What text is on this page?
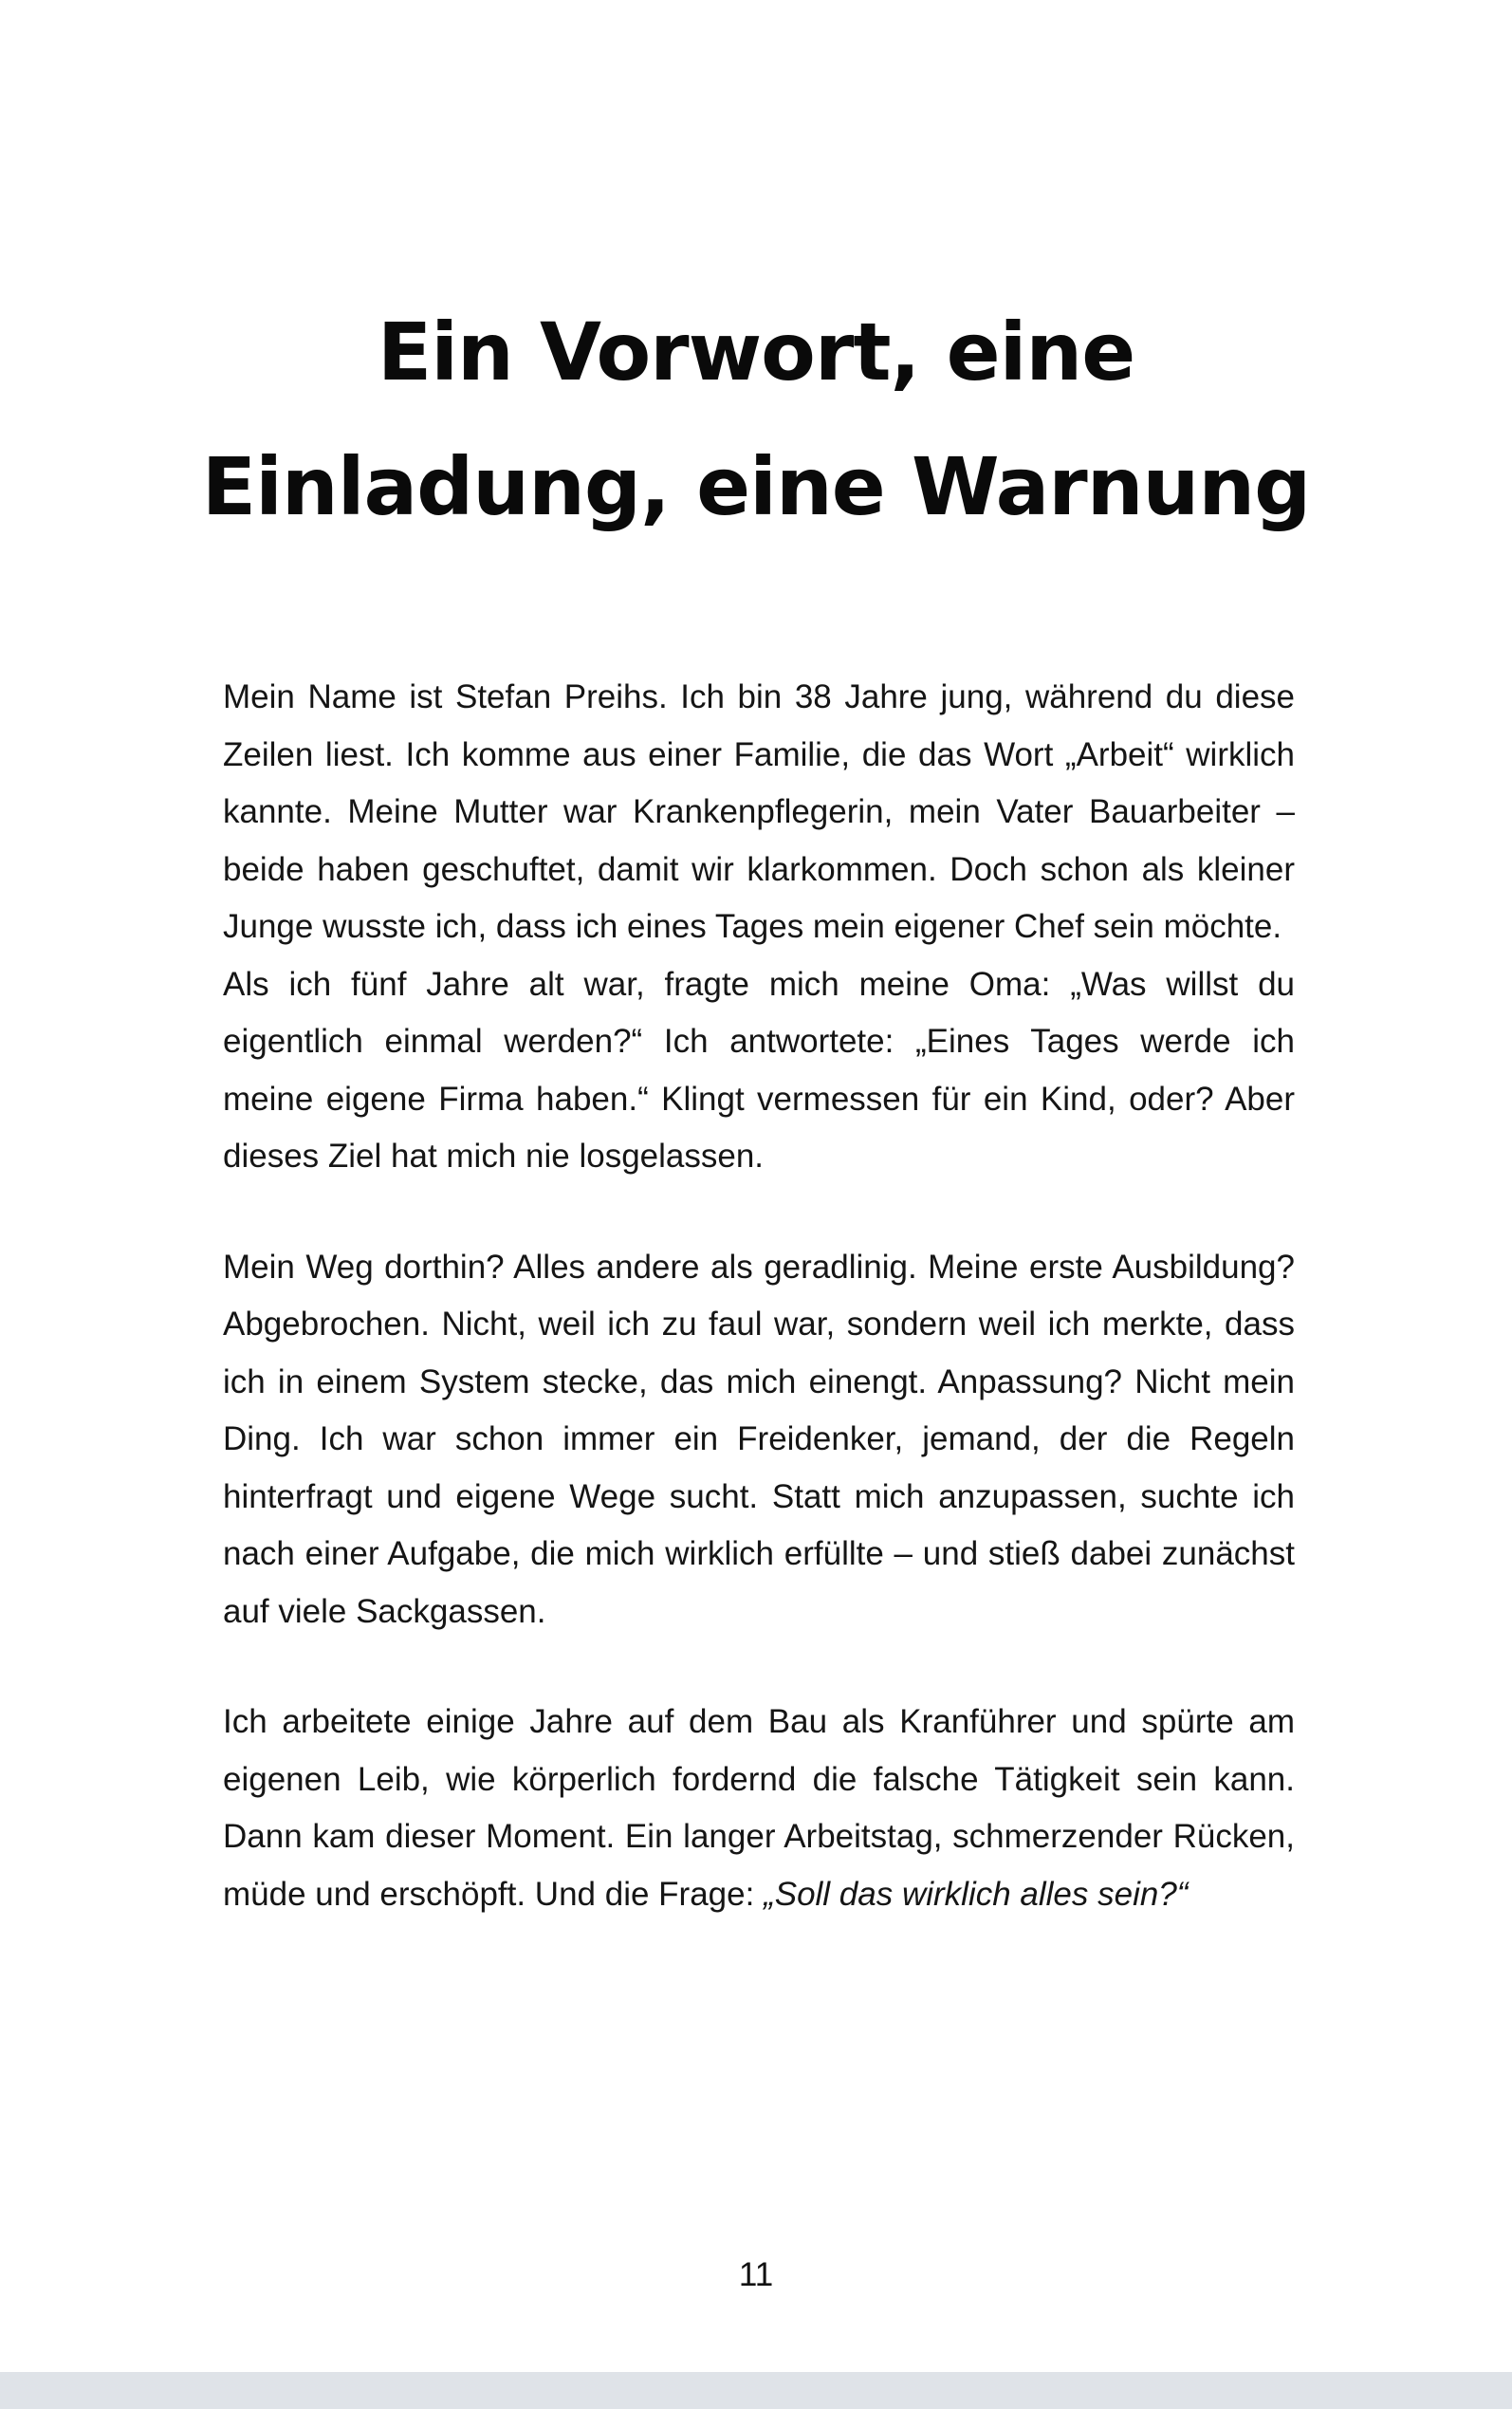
Ein Vorwort, eine
Einladung, eine Warnung

Mein Name ist Stefan Preihs. Ich bin 38 Jahre jung, während du diese Zeilen liest. Ich komme aus einer Familie, die das Wort „Arbeit“ wirklich kannte. Meine Mutter war Krankenpflegerin, mein Vater Bauarbeiter – beide haben geschuftet, damit wir klarkommen. Doch schon als kleiner Junge wusste ich, dass ich eines Tages mein eigener Chef sein möchte.

Als ich fünf Jahre alt war, fragte mich meine Oma: „Was willst du eigentlich einmal werden?“ Ich antwortete: „Eines Tages werde ich meine eigene Firma haben.“ Klingt vermessen für ein Kind, oder? Aber dieses Ziel hat mich nie losgelassen.

Mein Weg dorthin? Alles andere als geradlinig. Meine erste Ausbildung? Abgebrochen. Nicht, weil ich zu faul war, sondern weil ich merkte, dass ich in einem System stecke, das mich einengt. Anpassung? Nicht mein Ding. Ich war schon immer ein Freidenker, jemand, der die Regeln hinterfragt und eigene Wege sucht. Statt mich anzupassen, suchte ich nach einer Aufgabe, die mich wirklich erfüllte – und stieß dabei zunächst auf viele Sackgassen.

Ich arbeitete einige Jahre auf dem Bau als Kranführer und spürte am eigenen Leib, wie körperlich fordernd die falsche Tätigkeit sein kann. Dann kam dieser Moment. Ein langer Arbeitstag, schmerzender Rücken, müde und erschöpft. Und die Frage: „Soll das wirklich alles sein?“

11
